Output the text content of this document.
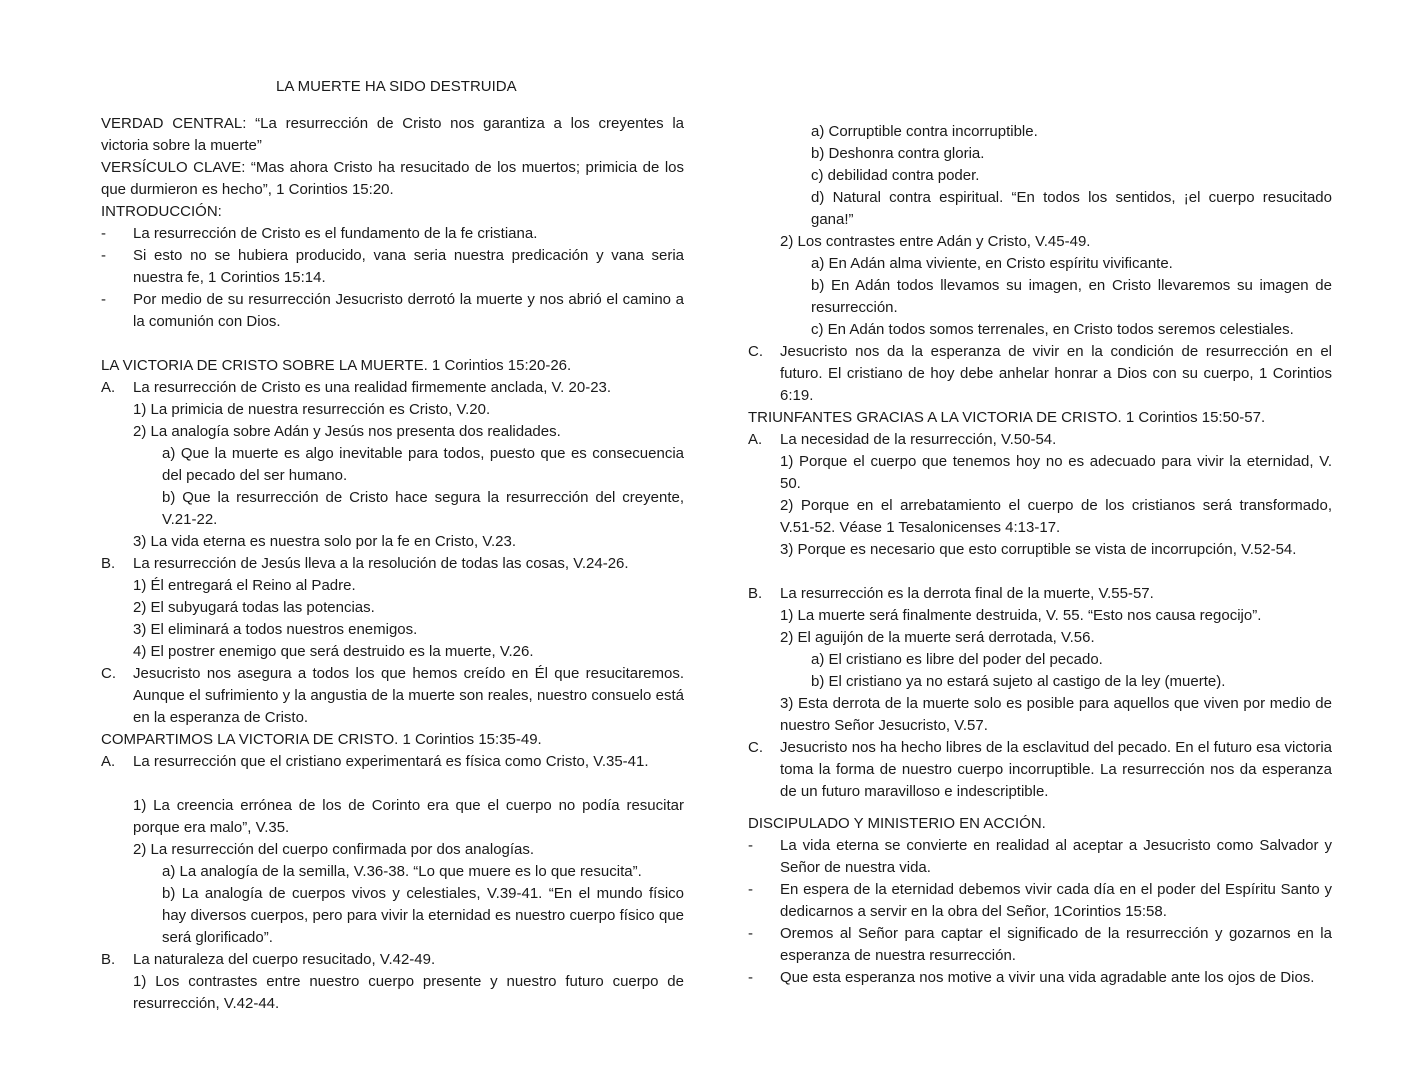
LA MUERTE HA SIDO DESTRUIDA
VERDAD CENTRAL: “La resurrección de Cristo nos garantiza a los creyentes la victoria sobre la muerte”
VERSÍCULO CLAVE: “Mas ahora Cristo ha resucitado de los muertos; primicia de los que durmieron es hecho”, 1 Corintios 15:20.
INTRODUCCIÓN:
-	La resurrección de Cristo es el fundamento de la fe cristiana.
-	Si esto no se hubiera producido, vana seria nuestra predicación y vana seria nuestra fe, 1 Corintios 15:14.
-	Por medio de su resurrección Jesucristo derrotó la muerte y nos abrió el camino a la comunión con Dios.
LA VICTORIA DE CRISTO SOBRE LA MUERTE. 1 Corintios 15:20-26.
A.	La resurrección de Cristo es una realidad firmemente anclada, V. 20-23.
1) La primicia de nuestra resurrección es Cristo, V.20.
2) La analogía sobre Adán y Jesús nos presenta dos realidades.
a) Que la muerte es algo inevitable para todos, puesto que es consecuencia del pecado del ser humano.
b) Que la resurrección de Cristo hace segura la resurrección del creyente, V.21-22.
3) La vida eterna es nuestra solo por la fe en Cristo, V.23.
B.	La resurrección de Jesús lleva a la resolución de todas las cosas, V.24-26.
1) Él entregará el Reino al Padre.
2) El subyugará todas las potencias.
3) El eliminará a todos nuestros enemigos.
4) El postrer enemigo que será destruido es la muerte, V.26.
C.	Jesucristo nos asegura a todos los que hemos creído en Él que resucitaremos. Aunque el sufrimiento y la angustia de la muerte son reales, nuestro consuelo está en la esperanza de Cristo.
COMPARTIMOS LA VICTORIA DE CRISTO. 1 Corintios 15:35-49.
A.	La resurrección que el cristiano experimentará es física como Cristo, V.35-41.
1) La creencia errónea de los de Corinto era que el cuerpo no podía resucitar porque era malo”, V.35.
2) La resurrección del cuerpo confirmada por dos analogías.
a) La analogía de la semilla, V.36-38. “Lo que muere es lo que resucita”.
b) La analogía de cuerpos vivos y celestiales, V.39-41. “En el mundo físico hay diversos cuerpos, pero para vivir la eternidad es nuestro cuerpo físico que será glorificado”.
B.	La naturaleza del cuerpo resucitado, V.42-49.
1) Los contrastes entre nuestro cuerpo presente y nuestro futuro cuerpo de resurrección, V.42-44.
a) Corruptible contra incorruptible.
b) Deshonra contra gloria.
c) debilidad contra poder.
d) Natural contra espiritual. “En todos los sentidos, ¡el cuerpo resucitado gana!”
2) Los contrastes entre Adán y Cristo, V.45-49.
a) En Adán alma viviente, en Cristo espíritu vivificante.
b) En Adán todos llevamos su imagen, en Cristo llevaremos su imagen de resurrección.
c) En Adán todos somos terrenales, en Cristo todos seremos celestiales.
C.	Jesucristo nos da la esperanza de vivir en la condición de resurrección en el futuro. El cristiano de hoy debe anhelar honrar a Dios con su cuerpo, 1 Corintios 6:19.
TRIUNFANTES GRACIAS A LA VICTORIA DE CRISTO. 1 Corintios 15:50-57.
A.	La necesidad de la resurrección, V.50-54.
1) Porque el cuerpo que tenemos hoy no es adecuado para vivir la eternidad, V. 50.
2) Porque en el arrebatamiento el cuerpo de los cristianos será transformado, V.51-52. Véase 1 Tesalonicenses 4:13-17.
3) Porque es necesario que esto corruptible se vista de incorrupción, V.52-54.
B.	La resurrección es la derrota final de la muerte, V.55-57.
1) La muerte será finalmente destruida, V. 55. “Esto nos causa regocijo”.
2) El aguijón de la muerte será derrotada, V.56.
a) El cristiano es libre del poder del pecado.
b) El cristiano ya no estará sujeto al castigo de la ley (muerte).
3) Esta derrota de la muerte solo es posible para aquellos que viven por medio de nuestro Señor Jesucristo, V.57.
C.	Jesucristo nos ha hecho libres de la esclavitud del pecado. En el futuro esa victoria toma la forma de nuestro cuerpo incorruptible. La resurrección nos da esperanza de un futuro maravilloso e indescriptible.
DISCIPULADO Y MINISTERIO EN ACCIÓN.
-	La vida eterna se convierte en realidad al aceptar a Jesucristo como Salvador y Señor de nuestra vida.
-	En espera de la eternidad debemos vivir cada día en el poder del Espíritu Santo y dedicarnos a servir en la obra del Señor, 1Corintios 15:58.
-	Oremos al Señor para captar el significado de la resurrección y gozarnos en la esperanza de nuestra resurrección.
-	Que esta esperanza nos motive a vivir una vida agradable ante los ojos de Dios.
